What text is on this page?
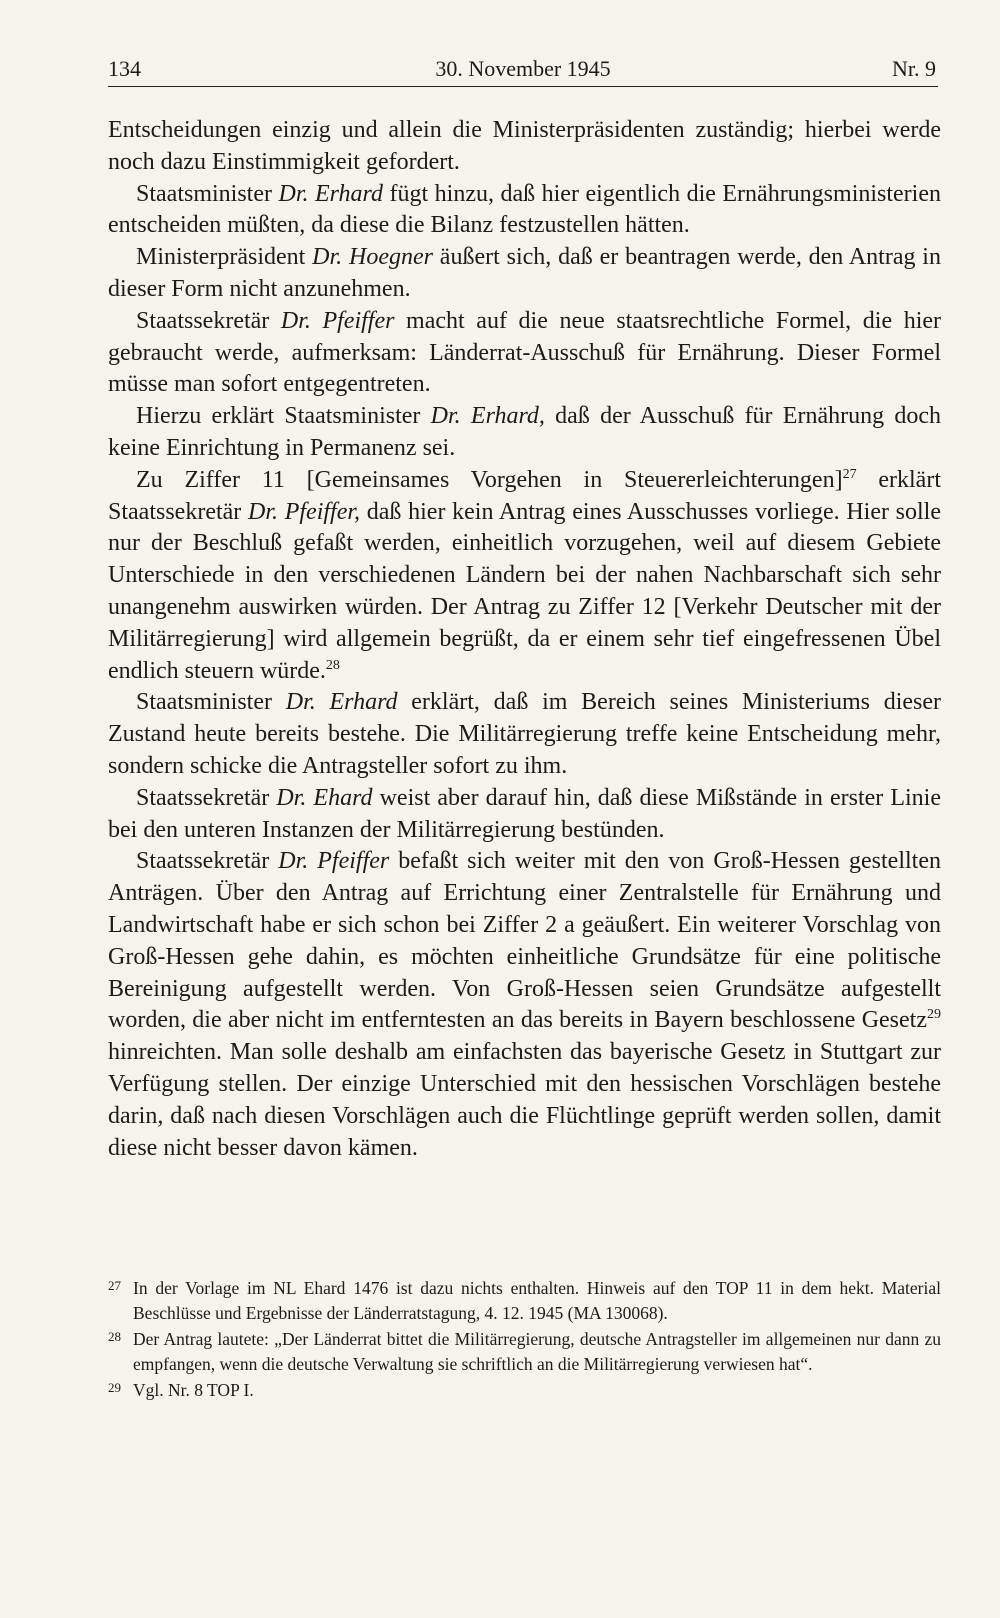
134	30. November 1945	Nr. 9

Entscheidungen einzig und allein die Ministerpräsidenten zuständig; hierbei werde noch dazu Einstimmigkeit gefordert.

Staatsminister Dr. Erhard fügt hinzu, daß hier eigentlich die Ernährungsministerien entscheiden müßten, da diese die Bilanz festzustellen hätten.

Ministerpräsident Dr. Hoegner äußert sich, daß er beantragen werde, den Antrag in dieser Form nicht anzunehmen.

Staatssekretär Dr. Pfeiffer macht auf die neue staatsrechtliche Formel, die hier gebraucht werde, aufmerksam: Länderrat-Ausschuß für Ernährung. Dieser Formel müsse man sofort entgegentreten.

Hierzu erklärt Staatsminister Dr. Erhard, daß der Ausschuß für Ernährung doch keine Einrichtung in Permanenz sei.

Zu Ziffer 11 [Gemeinsames Vorgehen in Steuererleichterungen]$^{27}$ erklärt Staatssekretär Dr. Pfeiffer, daß hier kein Antrag eines Ausschusses vorliege. Hier solle nur der Beschluß gefaßt werden, einheitlich vorzugehen, weil auf diesem Gebiete Unterschiede in den verschiedenen Ländern bei der nahen Nachbarschaft sich sehr unangenehm auswirken würden. Der Antrag zu Ziffer 12 [Verkehr Deutscher mit der Militärregierung] wird allgemein begrüßt, da er einem sehr tief eingefressenen Übel endlich steuern würde.$^{28}$

Staatsminister Dr. Erhard erklärt, daß im Bereich seines Ministeriums dieser Zustand heute bereits bestehe. Die Militärregierung treffe keine Entscheidung mehr, sondern schicke die Antragsteller sofort zu ihm.

Staatssekretär Dr. Ehard weist aber darauf hin, daß diese Mißstände in erster Linie bei den unteren Instanzen der Militärregierung bestünden.

Staatssekretär Dr. Pfeiffer befaßt sich weiter mit den von Groß-Hessen gestellten Anträgen. Über den Antrag auf Errichtung einer Zentralstelle für Ernährung und Landwirtschaft habe er sich schon bei Ziffer 2 a geäußert. Ein weiterer Vorschlag von Groß-Hessen gehe dahin, es möchten einheitliche Grundsätze für eine politische Bereinigung aufgestellt werden. Von Groß-Hessen seien Grundsätze aufgestellt worden, die aber nicht im entferntesten an das bereits in Bayern beschlossene Gesetz$^{29}$ hinreichten. Man solle deshalb am einfachsten das bayerische Gesetz in Stuttgart zur Verfügung stellen. Der einzige Unterschied mit den hessischen Vorschlägen bestehe darin, daß nach diesen Vorschlägen auch die Flüchtlinge geprüft werden sollen, damit diese nicht besser davon kämen.

27 In der Vorlage im NL Ehard 1476 ist dazu nichts enthalten. Hinweis auf den TOP 11 in dem hekt. Material Beschlüsse und Ergebnisse der Länderratstagung, 4. 12. 1945 (MA 130068).
28 Der Antrag lautete: „Der Länderrat bittet die Militärregierung, deutsche Antragsteller im allgemeinen nur dann zu empfangen, wenn die deutsche Verwaltung sie schriftlich an die Militärregierung verwiesen hat“.
29 Vgl. Nr. 8 TOP I.
